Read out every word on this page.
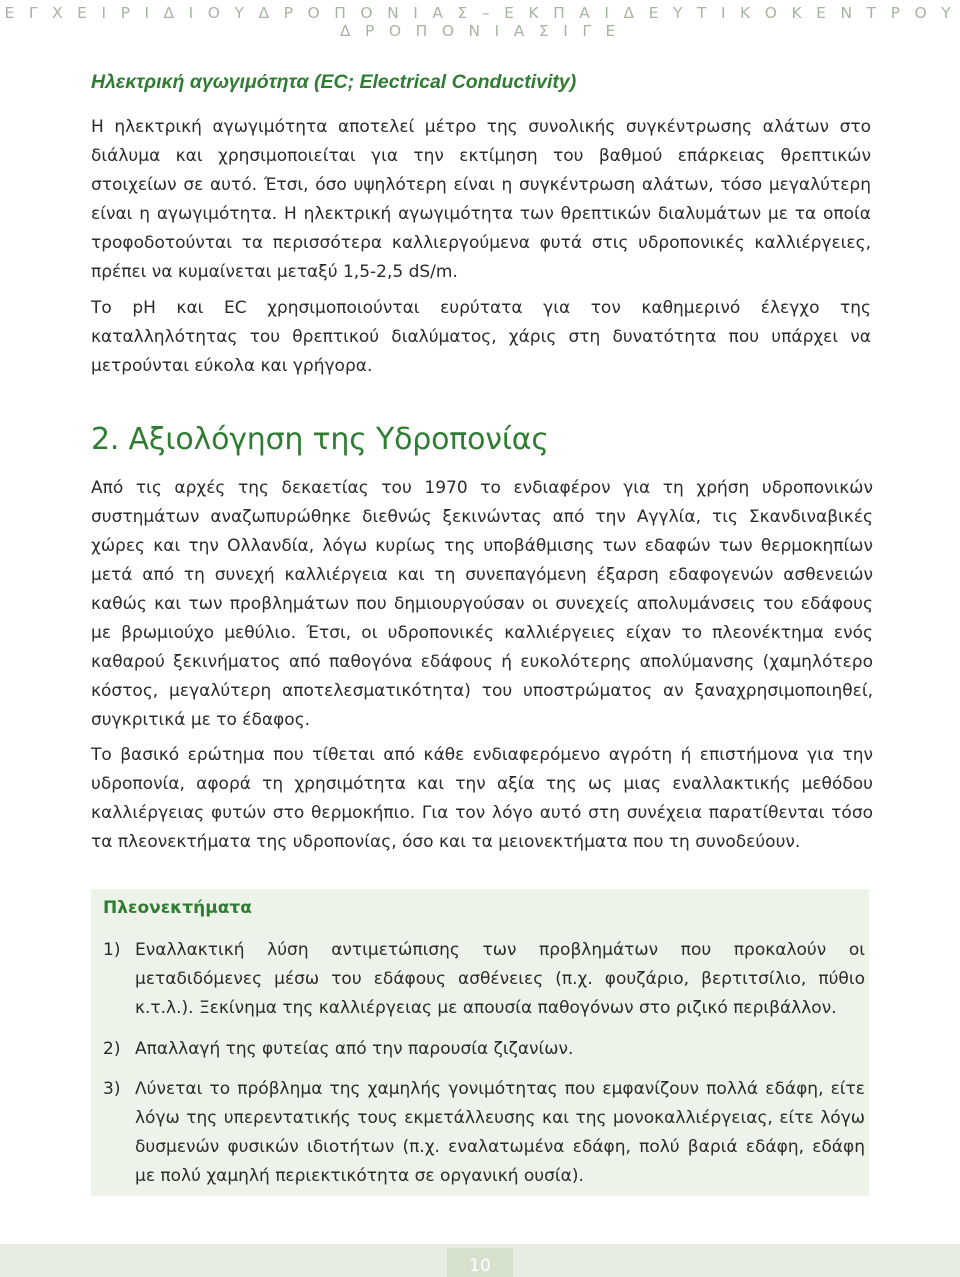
Ε Γ Χ Ε Ι Ρ Ι Δ Ι Ο Υ Δ Ρ Ο Π Ο Ν Ι Α Σ – Ε Κ Π Α Ι Δ Ε Υ Τ Ι Κ Ο Κ Ε Ν Τ Ρ Ο Υ Δ Ρ Ο Π Ο Ν Ι Α Σ Ι Γ Ε
Ηλεκτρική αγωγιμότητα (EC; Electrical Conductivity)

Η ηλεκτρική αγωγιμότητα αποτελεί μέτρο της συνολικής συγκέντρωσης αλάτων στο διάλυμα και χρησιμοποιείται για την εκτίμηση του βαθμού επάρκειας θρεπτικών στοιχείων σε αυτό. Έτσι, όσο υψηλότερη είναι η συγκέντρωση αλάτων, τόσο μεγαλύτερη είναι η αγωγιμότητα. Η ηλεκτρική αγωγιμότητα των θρεπτικών διαλυμάτων με τα οποία τροφοδοτούνται τα περισσότερα καλλιεργούμενα φυτά στις υδροπονικές καλλιέργειες, πρέπει να κυμαίνεται μεταξύ 1,5-2,5 dS/m.

Το pH και EC χρησιμοποιούνται ευρύτατα για τον καθημερινό έλεγχο της καταλληλότητας του θρεπτικού διαλύματος, χάρις στη δυνατότητα που υπάρχει να μετρούνται εύκολα και γρήγορα.

2. Αξιολόγηση της Υδροπονίας

Από τις αρχές της δεκαετίας του 1970 το ενδιαφέρον για τη χρήση υδροπονικών συστημάτων αναζωπυρώθηκε διεθνώς ξεκινώντας από την Αγγλία, τις Σκανδιναβικές χώρες και την Ολλανδία, λόγω κυρίως της υποβάθμισης των εδαφών των θερμοκηπίων μετά από τη συνεχή καλλιέργεια και τη συνεπαγόμενη έξαρση εδαφογενών ασθενειών καθώς και των προβλημάτων που δημιουργούσαν οι συνεχείς απολυμάνσεις του εδάφους με βρωμιούχο μεθύλιο. Έτσι, οι υδροπονικές καλλιέργειες είχαν το πλεονέκτημα ενός καθαρού ξεκινήματος από παθογόνα εδάφους ή ευκολότερης απολύμανσης (χαμηλότερο κόστος, μεγαλύτερη αποτελεσματικότητα) του υποστρώματος αν ξαναχρησιμοποιηθεί, συγκριτικά με το έδαφος.

Το βασικό ερώτημα που τίθεται από κάθε ενδιαφερόμενο αγρότη ή επιστήμονα για την υδροπονία, αφορά τη χρησιμότητα και την αξία της ως μιας εναλλακτικής μεθόδου καλλιέργειας φυτών στο θερμοκήπιο. Για τον λόγο αυτό στη συνέχεια παρατίθενται τόσο τα πλεονεκτήματα της υδροπονίας, όσο και τα μειονεκτήματα που τη συνοδεύουν.

Πλεονεκτήματα
1) Εναλλακτική λύση αντιμετώπισης των προβλημάτων που προκαλούν οι μεταδιδόμενες μέσω του εδάφους ασθένειες (π.χ. φουζάριο, βερτιτσίλιο, πύθιο κ.τ.λ.). Ξεκίνημα της καλλιέργειας με απουσία παθογόνων στο ριζικό περιβάλλον.

2) Απαλλαγή της φυτείας από την παρουσία ζιζανίων.

3) Λύνεται το πρόβλημα της χαμηλής γονιμότητας που εμφανίζουν πολλά εδάφη, είτε λόγω της υπερεντατικής τους εκμετάλλευσης και της μονοκαλλιέργειας, είτε λόγω δυσμενών φυσικών ιδιοτήτων (π.χ. εναλατωμένα εδάφη, πολύ βαριά εδάφη, εδάφη με πολύ χαμηλή περιεκτικότητα σε οργανική ουσία).

10
